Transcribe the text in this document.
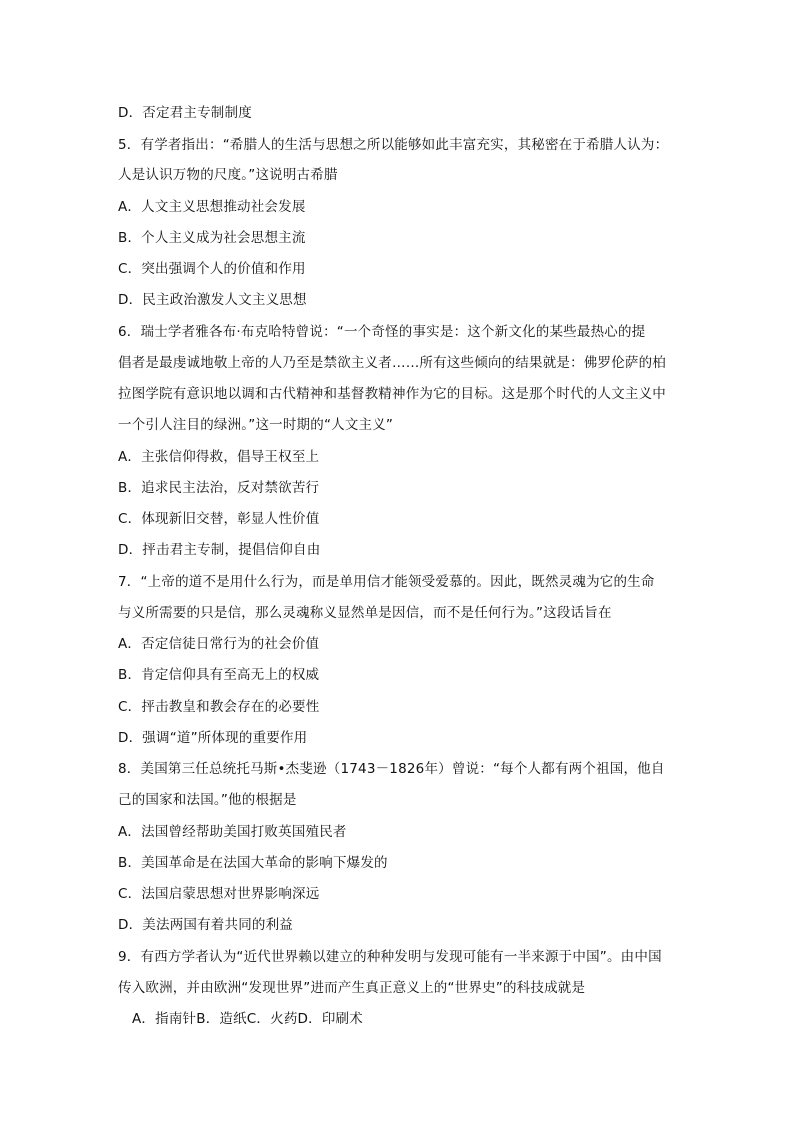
D．否定君主专制制度
5．有学者指出：“希腊人的生活与思想之所以能够如此丰富充实，其秘密在于希腊人认为：
人是认识万物的尺度。”这说明古希腊
A．人文主义思想推动社会发展
B．个人主义成为社会思想主流
C．突出强调个人的价值和作用
D．民主政治激发人文主义思想
6．瑞士学者雅各布·布克哈特曾说：“一个奇怪的事实是：这个新文化的某些最热心的提
倡者是最虔诚地敬上帝的人乃至是禁欲主义者……所有这些倾向的结果就是：佛罗伦萨的柏
拉图学院有意识地以调和古代精神和基督教精神作为它的目标。这是那个时代的人文主义中
一个引人注目的绿洲。”这一时期的“人文主义”
A．主张信仰得救，倡导王权至上
B．追求民主法治，反对禁欲苦行
C．体现新旧交替，彰显人性价值
D．抨击君主专制，提倡信仰自由
7．“上帝的道不是用什么行为，而是单用信才能领受爱慕的。因此，既然灵魂为它的生命
与义所需要的只是信，那么灵魂称义显然单是因信，而不是任何行为。”这段话旨在
A．否定信徒日常行为的社会价值
B．肯定信仰具有至高无上的权威
C．抨击教皇和教会存在的必要性
D．强调“道”所体现的重要作用
8．美国第三任总统托马斯•杰斐逊（1743－1826年）曾说：“每个人都有两个祖国，他自
己的国家和法国。”他的根据是
A．法国曾经帮助美国打败英国殖民者
B．美国革命是在法国大革命的影响下爆发的
C．法国启蒙思想对世界影响深远
D．美法两国有着共同的利益
9．有西方学者认为“近代世界赖以建立的种种发明与发现可能有一半来源于中国”。由中国
传入欧洲，并由欧洲“发现世界”进而产生真正意义上的“世界史”的科技成就是
A．指南针B．造纸C．火药D．印刷术
